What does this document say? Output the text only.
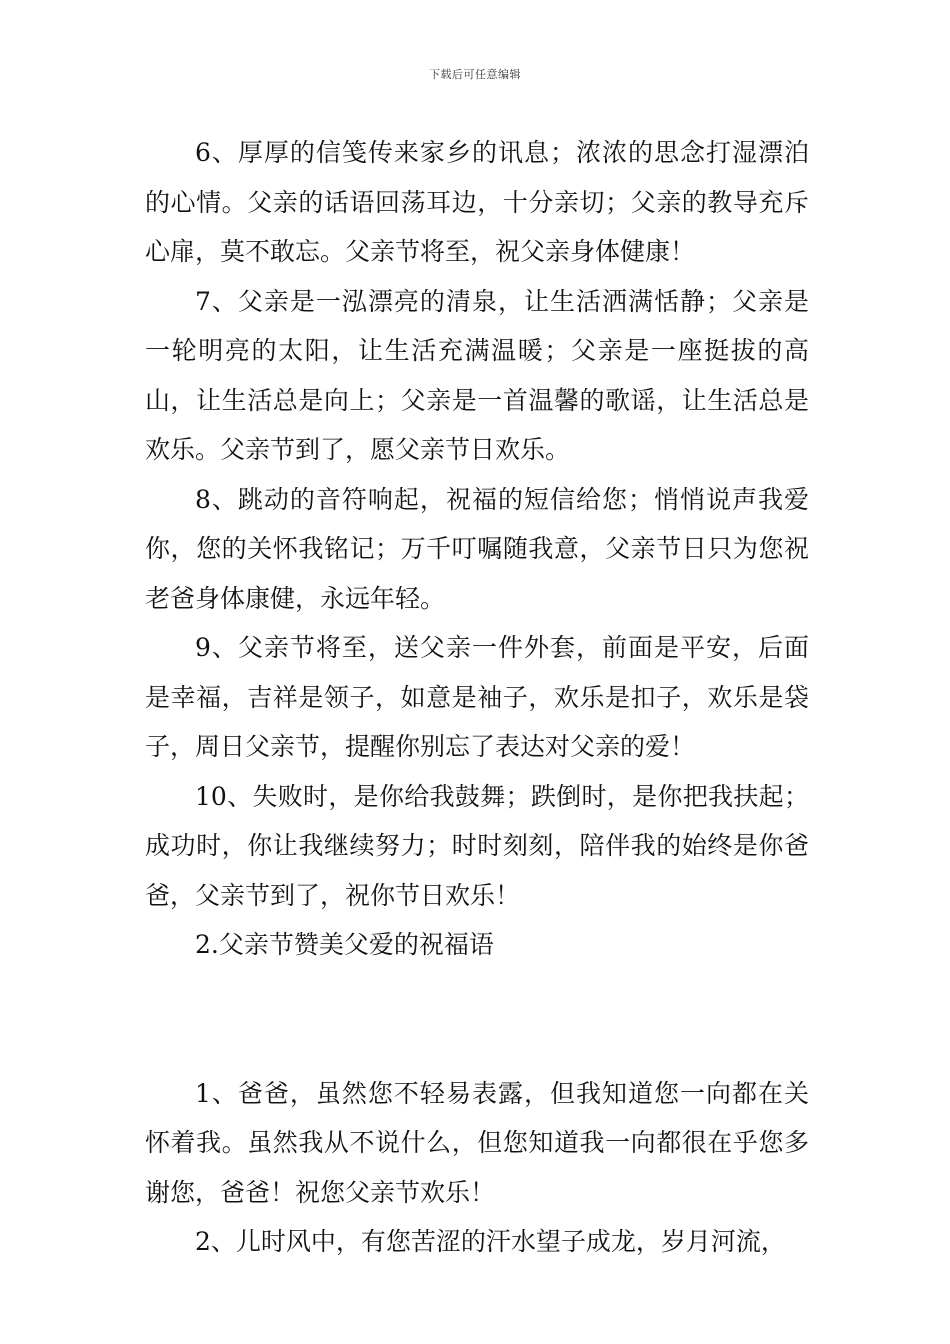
下载后可任意编辑

6、厚厚的信笺传来家乡的讯息；浓浓的思念打湿漂泊的心情。父亲的话语回荡耳边，十分亲切；父亲的教导充斥心扉，莫不敢忘。父亲节将至，祝父亲身体健康！

7、父亲是一泓漂亮的清泉，让生活洒满恬静；父亲是一轮明亮的太阳，让生活充满温暖；父亲是一座挺拔的高山，让生活总是向上；父亲是一首温馨的歌谣，让生活总是欢乐。父亲节到了，愿父亲节日欢乐。

8、跳动的音符响起，祝福的短信给您；悄悄说声我爱你，您的关怀我铭记；万千叮嘱随我意，父亲节日只为您祝老爸身体康健，永远年轻。

9、父亲节将至，送父亲一件外套，前面是平安，后面是幸福，吉祥是领子，如意是袖子，欢乐是扣子，欢乐是袋子，周日父亲节，提醒你别忘了表达对父亲的爱！

10、失败时，是你给我鼓舞；跌倒时，是你把我扶起；成功时，你让我继续努力；时时刻刻，陪伴我的始终是你爸爸，父亲节到了，祝你节日欢乐！

2.父亲节赞美父爱的祝福语

1、爸爸，虽然您不轻易表露，但我知道您一向都在关怀着我。虽然我从不说什么，但您知道我一向都很在乎您多谢您，爸爸！祝您父亲节欢乐！

2、儿时风中，有您苦涩的汗水望子成龙，岁月河流，
